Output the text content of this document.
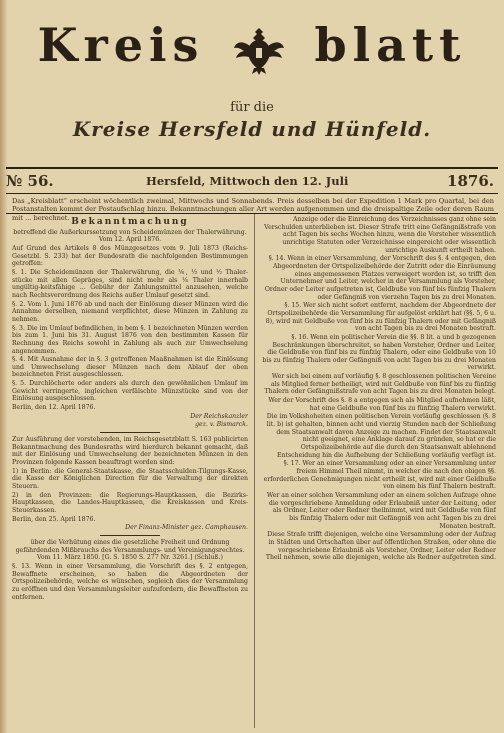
Kreis blatt
für die
Kreise Hersfeld und Hünfeld.
№ 56.	Hersfeld, Mittwoch den 12. Juli	1876.
Das „Kreisblatt“ erscheint wöchentlich zweimal, Mittwochs und Sonnabends. Preis desselben bei der Expedition 1 Mark pro Quartal, bei den Postanstalten kommt der Postaufschlag hinzu. Bekanntmachungen aller Art werden aufgenommen und die dreispaltige Zeile oder deren Raum mit ... berechnet. Bekanntmachung

betreffend die Außerkurssetzung von Scheidemünzen der Thalerwährung. Vom 12. April 1876.

Auf Grund des Artikels 8 des Münzgesetzes vom 9. Juli 1873 (Reichs-Gesetzbl. S. 233) hat der Bundesrath die nachfolgenden Bestimmungen getroffen:

§. 1. Die Scheidemünzen der Thalerwährung, die ⅙, ⅓ und ½ Thaler-stücke mit allen Gepräges, sind nicht mehr als ¼ Thaler innerhalb ungültig-keitsfähige ... Gebühr der Zahlungsmittel anzusehen, welche nach Rechtsverordnung des Reichs außer Umlauf gesetzt sind.

§. 2. Vom 1. Juni 1876 ab und nach der Einlösung dieser Münzen wird die Annahme derselben, niemand verpflichtet, diese Münzen in Zahlung zu nehmen.

§. 3. Die im Umlauf befindlichen, in bem §. 1 bezeichneten Münzen werden bis zum 1. Juni bis 31. August 1876 von den bestimmten Kassen für Rechnung des Reichs sowohl in Zahlung als auch zur Umwechselung angenommen.

§. 4. Mit Ausnahme der in §. 3 getroffenen Maaßnahmen ist die Einlösung und Umwechselung dieser Münzen nach dem Ablauf der oben bezeichneten Frist ausgeschlossen.

§. 5. Durchlöcherte oder anders als durch den gewöhnlichen Umlauf im Gewicht verringerte, ingleichen verfälschte Münzstücke sind von der Einlösung ausgeschlossen.

Berlin, den 12. April 1876.

Der Reichskanzler

gez. v. Bismarck.

Zur Ausführung der vorstehenden, im Reichsgesetzblatt S. 163 publicirten Bekanntmachung des Bundesraths wird hierdurch bekannt gemacht, daß mit der Einlösung und Umwechselung der bezeichneten Münzen in den Provinzen folgende Kassen beauftragt worden sind:

1) in Berlin: die General-Staatskasse, die Staatsschulden-Tilgungs-Kasse, die Kasse der Königlichen Direction für die Verwaltung der direkten Steuern.

2) in den Provinzen: die Regierungs-Hauptkassen, die Bezirks-Hauptkassen, die Landes-Hauptkassen, die Kreiskassen und Kreis-Steuerkassen.

Berlin, den 25. April 1876.

Der Finanz-Minister gez. Camphausen.

über die Verhütung eines die gesetzliche Freiheit und Ordnung gefährdenden Mißbrauchs des Versammlungs- und Vereinigungsrechtes. Vom 11. März 1850. [G. S. 1850 S. 277 Nr. 3261.] (Schluß.)

§. 13. Wenn in einer Versammlung, die Vorschrift des §. 2 entgegen, Bewaffnete erscheinen, so haben die Abgeordneten der Ortspolizeibehörde, welche es wünschen, sogleich dies der Versammlung zu eröffnen und den Versammlungsleiter aufzufordern, die Bewaffneten zu entfernen.

Anzeige oder die Einreichung des Verzeichnisses ganz ohne sein Verschulden unterblieben ist. Dieser Strafe tritt eine Gefängnißstrafe von acht Tagen bis sechs Wochen hinzu, wenn die Vorsteher wissentlich unrichtige Statuten oder Verzeichnisse eingereicht oder wissentlich unrichtige Auskunft ertheilt haben.

§. 14. Wenn in einer Versammlung, der Vorschrift des §. 4 entgegen, den Abgeordneten der Ortspolizeibehörde der Zutritt oder die Einräumung eines angemessenen Platzes verweigert worden ist, so trifft den Unternehmer und Leiter, welcher in der Versammlung als Vorsteher, Ordner oder Leiter aufgetreten ist, Geldbuße von fünf bis fünfzig Thalern oder Gefängniß von vierzehn Tagen bis zu drei Monaten.

§. 15. Wer sich nicht sofort entfernt, nachdem der Abgeordnete der Ortspolizeibehörde die Versammlung für aufgelöst erklärt hat (§§. 5, 6 u. 8), wird mit Geldbuße von fünf bis zu fünfzig Thalern oder mit Gefängniß von acht Tagen bis zu drei Monaten bestraft.

§. 16. Wenn ein politischer Verein die §§. 8 lit. a und b gezogenen Beschränkungen überschreitet, so haben Vorsteher, Ordner und Leiter, die Geldbuße von fünf bis zu fünfzig Thalern, oder eine Geldbuße von 10 bis zu fünfzig Thalern oder Gefängniß von acht Tagen bis zu drei Monaten verwirkt.

Wer sich bei einem auf vorläufig §. 8 geschlossenen politischen Vereine als Mitglied ferner betheiligt, wird mit Geldbuße von fünf bis zu fünfzig Thalern oder Gefängnißstrafe von acht Tagen bis zu drei Monaten belegt.

Wer der Vorschrift des §. 8 a entgegen sich als Mitglied aufnehmen läßt, hat eine Geldbuße von fünf bis zu fünfzig Thalern verwirkt.

Die im Volkshoheiten einen politischen Verein vorläufig geschlossen (§. 8 lit. b) ist gehalten, binnen acht und vierzig Stunden nach der Schließung dem Staatsanwalt davon Anzeige zu machen. Findet der Staatsanwalt nicht geeignet, eine Anklage darauf zu gründen, so hat er die Ortspolizeibehörde auf die durch den Staatsanwalt ablehnend Entscheidung hin die Aufhebung der Schließung vorläufig verfügt ist.

§. 17. Wer an einer Versammlung oder an einer Versammlung unter freiem Himmel Theil nimmt, in welcher die nach den obigen §§. erforderlichen Genehmigungen nicht ertheilt ist, wird mit einer Geldbuße von einem bis fünf Thalern bestraft.

Wer an einer solchen Versammlung oder an einem solchen Aufzuge ohne die vorgeschriebene Anmeldung oder Erlaubniß unter der Leitung, oder als Ordner, Leiter oder Redner theilnimmt, wird mit Geldbuße von fünf bis fünfzig Thalern oder mit Gefängniß von acht Tagen bis zu drei Monaten bestraft.

Diese Strafe trifft diejenigen, welche eine Versammlung oder der Aufzug in Städten und Ortschaften über auf öffentlichen Straßen, oder ohne die vorgeschriebene Erlaubniß als Vorsteher, Ordner, Leiter oder Redner Theil nehmen, sowie alle diejenigen, welche als Redner aufgetreten sind.
